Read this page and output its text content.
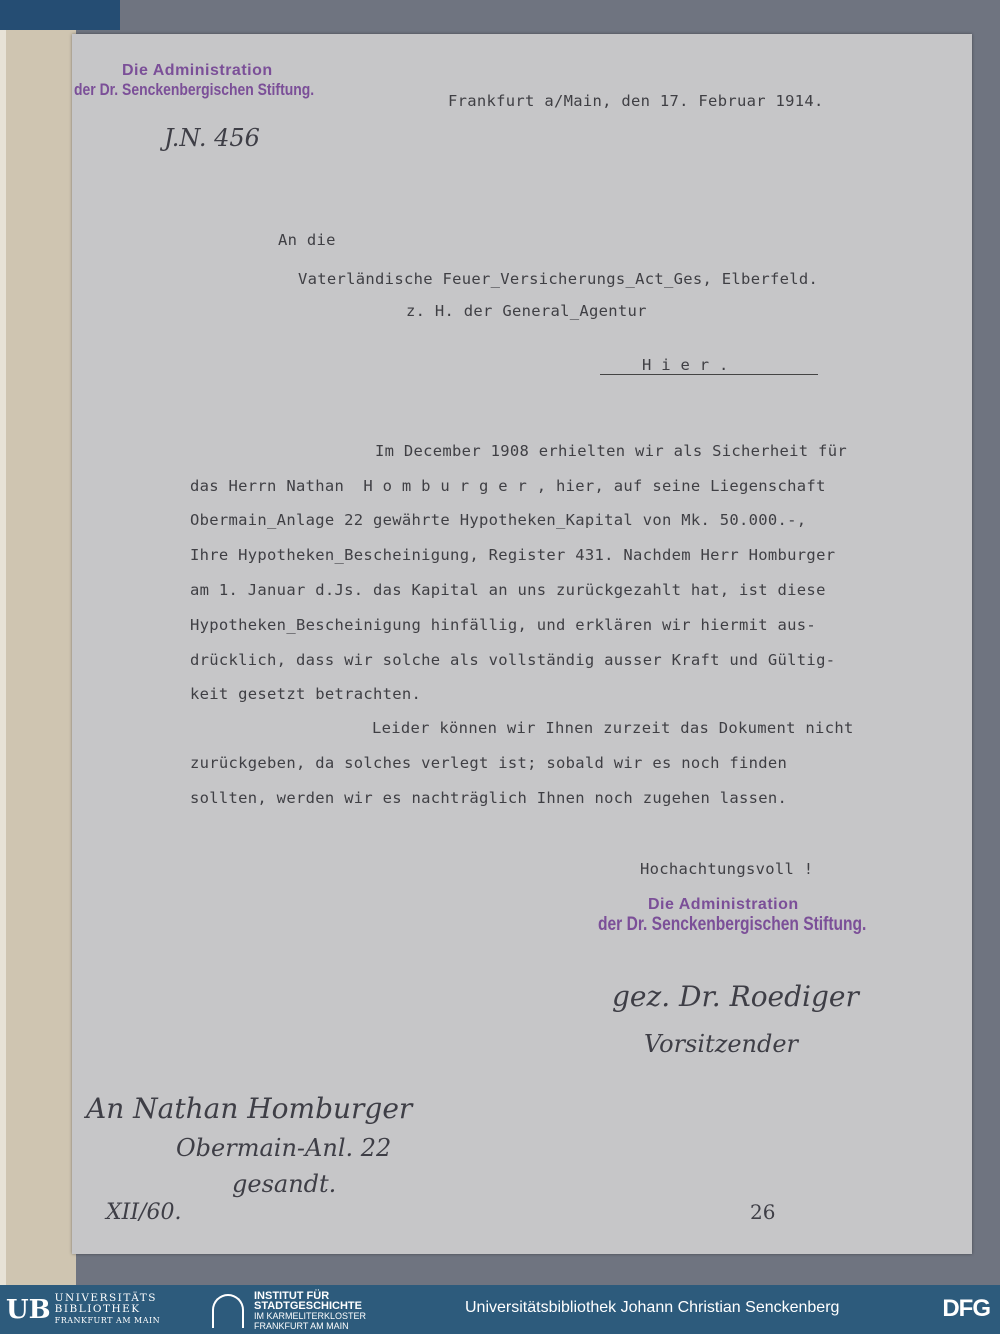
Die Administration
der Dr. Senckenbergischen Stiftung.
J.N. 456
Frankfurt a/Main, den 17. Februar 1914.
An die
Vaterländische Feuer_Versicherungs_Act_Ges, Elberfeld.
z. H. der General_Agentur
H i e r .
Im December 1908 erhielten wir als Sicherheit für
das Herrn Nathan  H o m b u r g e r , hier, auf seine Liegenschaft
Obermain_Anlage 22 gewährte Hypotheken_Kapital von Mk. 50.000.-,
Ihre Hypotheken_Bescheinigung, Register 431. Nachdem Herr Homburger
am 1. Januar d.Js. das Kapital an uns zurückgezahlt hat, ist diese
Hypotheken_Bescheinigung hinfällig, und erklären wir hiermit aus-
drücklich, dass wir solche als vollständig ausser Kraft und Gültig-
keit gesetzt betrachten.
Leider können wir Ihnen zurzeit das Dokument nicht
zurückgeben, da solches verlegt ist; sobald wir es noch finden
sollten, werden wir es nachträglich Ihnen noch zugehen lassen.
Hochachtungsvoll !
Die Administration
der Dr. Senckenbergischen Stiftung.
gez. Dr. Roediger
Vorsitzender
An Nathan Homburger
Obermain-Anl. 22
gesandt.
XII/60.	26
UB UNIVERSITÄTS
BIBLIOTHEK
FRANKFURT AM MAIN
INSTITUT FÜR
STADTGESCHICHTE
IM KARMELITERKLOSTER
FRANKFURT AM MAIN
Universitätsbibliothek Johann Christian Senckenberg	DFG
